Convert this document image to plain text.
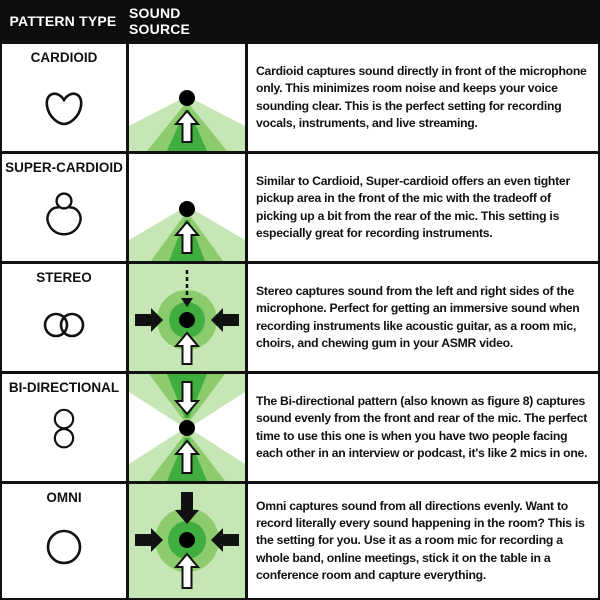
PATTERN TYPE SOUND SOURCE
CARDIOID
Cardioid captures sound directly in front of the microphone only. This minimizes room noise and keeps your voice sounding clear. This is the perfect setting for recording vocals, instruments, and live streaming.
SUPER-CARDIOID
Similar to Cardioid, Super-cardioid offers an even tighter pickup area in the front of the mic with the tradeoff of picking up a bit from the rear of the mic. This setting is especially great for recording instruments.
STEREO
Stereo captures sound from the left and right sides of the microphone. Perfect for getting an immersive sound when recording instruments like acoustic guitar, as a room mic, choirs, and chewing gum in your ASMR video.
BI-DIRECTIONAL
The Bi-directional pattern (also known as figure 8) captures sound evenly from the front and rear of the mic. The perfect time to use this one is when you have two people facing each other in an interview or podcast, it's like 2 mics in one.
OMNI
Omni captures sound from all directions evenly. Want to record literally every sound happening in the room? This is the setting for you. Use it as a room mic for recording a whole band, online meetings, stick it on the table in a conference room and capture everything.
